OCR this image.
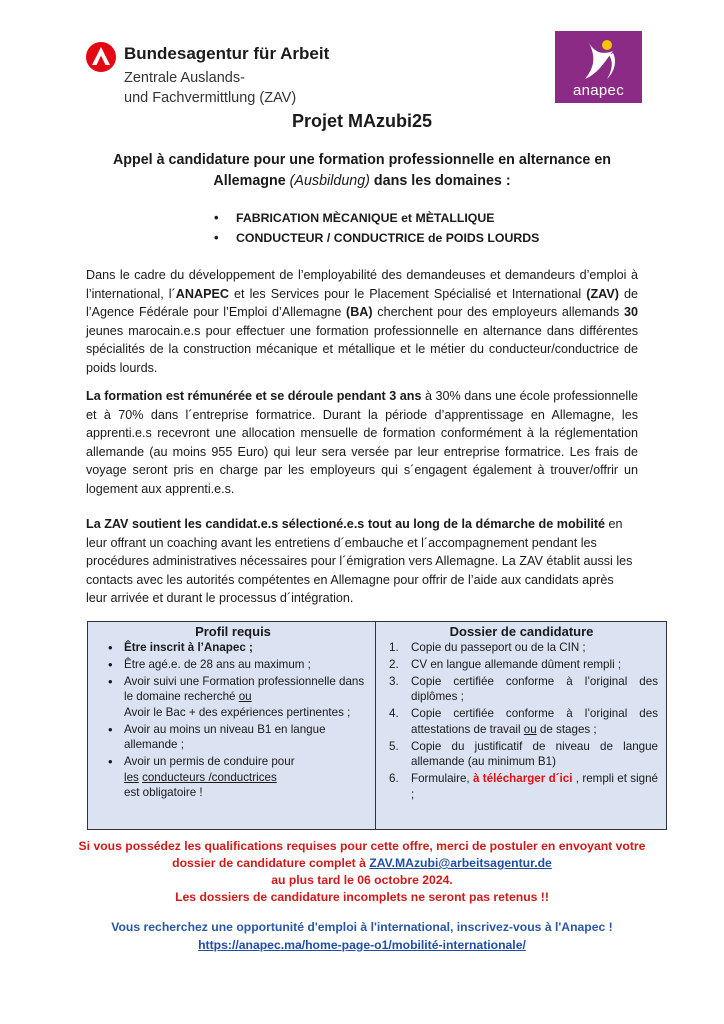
Bundesagentur für Arbeit
Zentrale Auslands-
und Fachvermittlung (ZAV)	anapec
Projet MAzubi25
Appel à candidature pour une formation professionnelle en alternance en
Allemagne (Ausbildung) dans les domaines :
• FABRICATION MÈCANIQUE et MÈTALLIQUE
• CONDUCTEUR / CONDUCTRICE de POIDS LOURDS
Dans le cadre du développement de l’employabilité des demandeuses et demandeurs d’emploi à l’international, l´ANAPEC et les Services pour le Placement Spécialisé et International (ZAV) de l’Agence Fédérale pour l’Emploi d’Allemagne (BA) cherchent pour des employeurs allemands 30 jeunes marocain.e.s pour effectuer une formation professionnelle en alternance dans différentes spécialités de la construction mécanique et métallique et le métier du conducteur/conductrice de poids lourds.
La formation est rémunérée et se déroule pendant 3 ans à 30% dans une école professionnelle et à 70% dans l´entreprise formatrice. Durant la période d’apprentissage en Allemagne, les apprenti.e.s recevront une allocation mensuelle de formation conformément à la réglementation allemande (au moins 955 Euro) qui leur sera versée par leur entreprise formatrice. Les frais de voyage seront pris en charge par les employeurs qui s´engagent également à trouver/offrir un logement aux apprenti.e.s.
La ZAV soutient les candidat.e.s sélectioné.e.s tout au long de la démarche de mobilité en leur offrant un coaching avant les entretiens d´embauche et l´accompagnement pendant les procédures administratives nécessaires pour l´émigration vers Allemagne. La ZAV établit aussi les contacts avec les autorités compétentes en Allemagne pour offrir de l’aide aux candidats après leur arrivée et durant le processus d´intégration.
Profil requis
• Être inscrit à l’Anapec ;
• Être agé.e. de 28 ans au maximum ;
• Avoir suivi une Formation professionnelle dans le domaine recherché ou
Avoir le Bac + des expériences pertinentes ;
• Avoir au moins un niveau B1 en langue allemande ;
• Avoir un permis de conduire pour
les conducteurs /conductrices
est obligatoire !
Dossier de candidature
1. Copie du passeport ou de la CIN ;
2. CV en langue allemande dûment rempli ;
3. Copie certifiée conforme à l’original des diplômes ;
4. Copie certifiée conforme à l’original des attestations de travail ou de stages ;
5. Copie du justificatif de niveau de langue allemande (au minimum B1)
6. Formulaire, à télécharger d´ici , rempli et signé ;
Si vous possédez les qualifications requises pour cette offre, merci de postuler en envoyant votre
dossier de candidature complet à ZAV.MAzubi@arbeitsagentur.de
au plus tard le 06 octobre 2024.
Les dossiers de candidature incomplets ne seront pas retenus !!
Vous recherchez une opportunité d'emploi à l'international, inscrivez-vous à l'Anapec !
https://anapec.ma/home-page-o1/mobilité-internationale/
